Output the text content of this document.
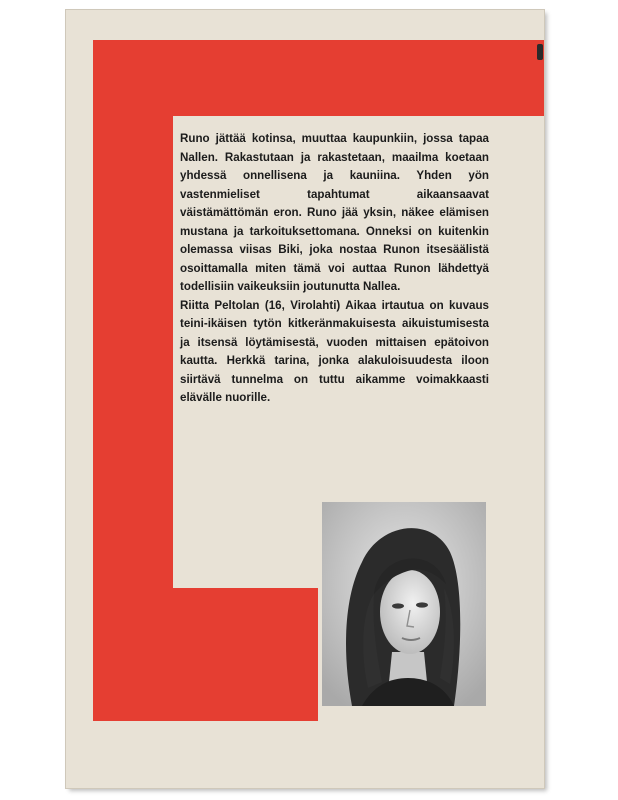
Runo jättää kotinsa, muuttaa kaupunkiin, jossa tapaa Nallen. Rakastutaan ja rakastetaan, maailma koetaan yhdessä onnellisena ja kauniina. Yhden yön vastenmieliset tapahtumat aikaansaavat väistämättömän eron. Runo jää yksin, näkee elämisen mustana ja tarkoituksettomana. Onneksi on kuitenkin olemassa viisas Biki, joka nostaa Runon itsesäälistä osoittamalla miten tämä voi auttaa Runon lähdettyä todellisiin vaikeuksiin joutunutta Nallea.

Riitta Peltolan (16, Virolahti) Aikaa irtautua on kuvaus teini-ikäisen tytön kitkeränmakuisesta aikuistumisesta ja itsensä löytämisestä, vuoden mittaisen epätoivon kautta. Herkkä tarina, jonka alakuloisuudesta iloon siirtävä tunnelma on tuttu aikamme voimakkaasti elävälle nuorille.
